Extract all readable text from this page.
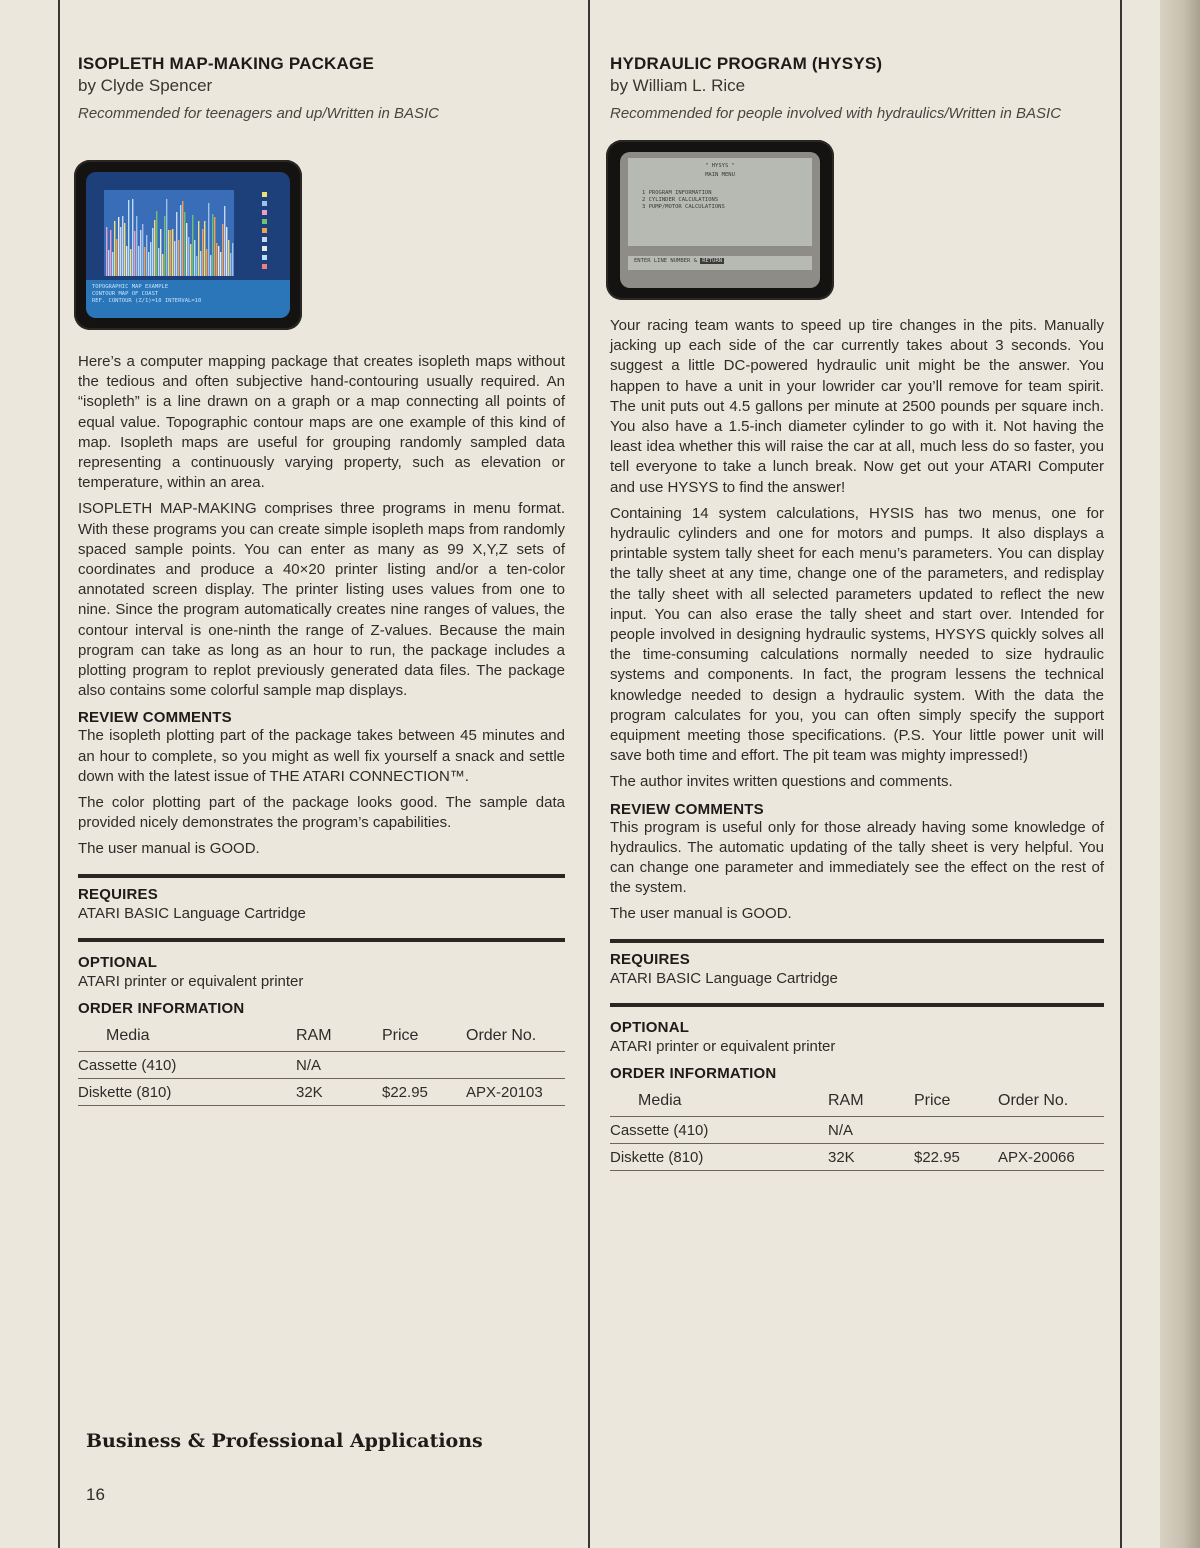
ISOPLETH MAP-MAKING PACKAGE

by Clyde Spencer

Recommended for teenagers and up/Written in BASIC

TOPOGRAPHIC MAP EXAMPLE
CONTOUR MAP OF COAST
REF. CONTOUR (Z/1)=10 INTERVAL=10

Here’s a computer mapping package that creates isopleth maps without the tedious and often subjective hand-contouring usually required. An “isopleth” is a line drawn on a graph or a map connecting all points of equal value. Topographic contour maps are one example of this kind of map. Isopleth maps are useful for grouping randomly sampled data representing a continuously varying property, such as elevation or temperature, within an area.

ISOPLETH MAP-MAKING comprises three programs in menu format. With these programs you can create simple isopleth maps from randomly spaced sample points. You can enter as many as 99 X,Y,Z sets of coordinates and produce a 40×20 printer listing and/or a ten-color annotated screen display. The printer listing uses values from one to nine. Since the program automatically creates nine ranges of values, the contour interval is one-ninth the range of Z-values. Because the main program can take as long as an hour to run, the package includes a plotting program to replot previously generated data files. The package also contains some colorful sample map displays.

REVIEW COMMENTS

The isopleth plotting part of the package takes between 45 minutes and an hour to complete, so you might as well fix yourself a snack and settle down with the latest issue of THE ATARI CONNECTION™.

The color plotting part of the package looks good. The sample data provided nicely demonstrates the program’s capabilities.

The user manual is GOOD.

REQUIRES

ATARI BASIC Language Cartridge

OPTIONAL

ATARI printer or equivalent printer

ORDER INFORMATION

Media	RAM	Price	Order No.
Cassette (410)	N/A		
Diskette (810)	32K	$22.95	APX-20103

HYDRAULIC PROGRAM (HYSYS)

by William L. Rice

Recommended for people involved with hydraulics/Written in BASIC

" HYSYS "
MAIN MENU
1 PROGRAM INFORMATION
2 CYLINDER CALCULATIONS
3 PUMP/MOTOR CALCULATIONS
ENTER LINE NUMBER & RETURN

Your racing team wants to speed up tire changes in the pits. Manually jacking up each side of the car currently takes about 3 seconds. You suggest a little DC-powered hydraulic unit might be the answer. You happen to have a unit in your lowrider car you’ll remove for team spirit. The unit puts out 4.5 gallons per minute at 2500 pounds per square inch. You also have a 1.5-inch diameter cylinder to go with it. Not having the least idea whether this will raise the car at all, much less do so faster, you tell everyone to take a lunch break. Now get out your ATARI Computer and use HYSYS to find the answer!

Containing 14 system calculations, HYSIS has two menus, one for hydraulic cylinders and one for motors and pumps. It also displays a printable system tally sheet for each menu’s parameters. You can display the tally sheet at any time, change one of the parameters, and redisplay the tally sheet with all selected parameters updated to reflect the new input. You can also erase the tally sheet and start over. Intended for people involved in designing hydraulic systems, HYSYS quickly solves all the time-consuming calculations normally needed to size hydraulic systems and components. In fact, the program lessens the technical knowledge needed to design a hydraulic system. With the data the program calculates for you, you can often simply specify the support equipment meeting those specifications. (P.S. Your little power unit will save both time and effort. The pit team was mighty impressed!)

The author invites written questions and comments.

REVIEW COMMENTS

This program is useful only for those already having some knowledge of hydraulics. The automatic updating of the tally sheet is very helpful. You can change one parameter and immediately see the effect on the rest of the system.

The user manual is GOOD.

REQUIRES

ATARI BASIC Language Cartridge

OPTIONAL

ATARI printer or equivalent printer

ORDER INFORMATION

Media	RAM	Price	Order No.
Cassette (410)	N/A		
Diskette (810)	32K	$22.95	APX-20066
Business & Professional Applications
16
